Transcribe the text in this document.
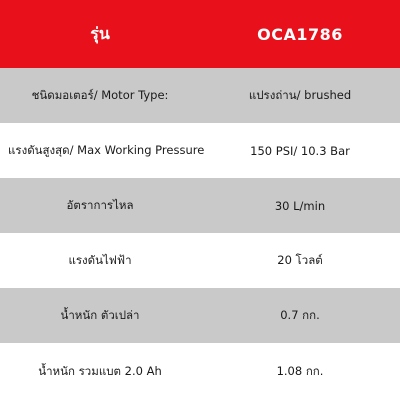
รุ่น	OCA1786
ชนิดมอเตอร์/ Motor Type:	แปรงถ่าน/ brushed
แรงดันสูงสุด/ Max Working Pressure	150 PSI/ 10.3 Bar
อัตราการไหล	30 L/min
แรงดันไฟฟ้า	20 โวลต์
น้ำหนัก ตัวเปล่า	0.7 กก.
น้ำหนัก รวมแบต 2.0 Ah	1.08 กก.
